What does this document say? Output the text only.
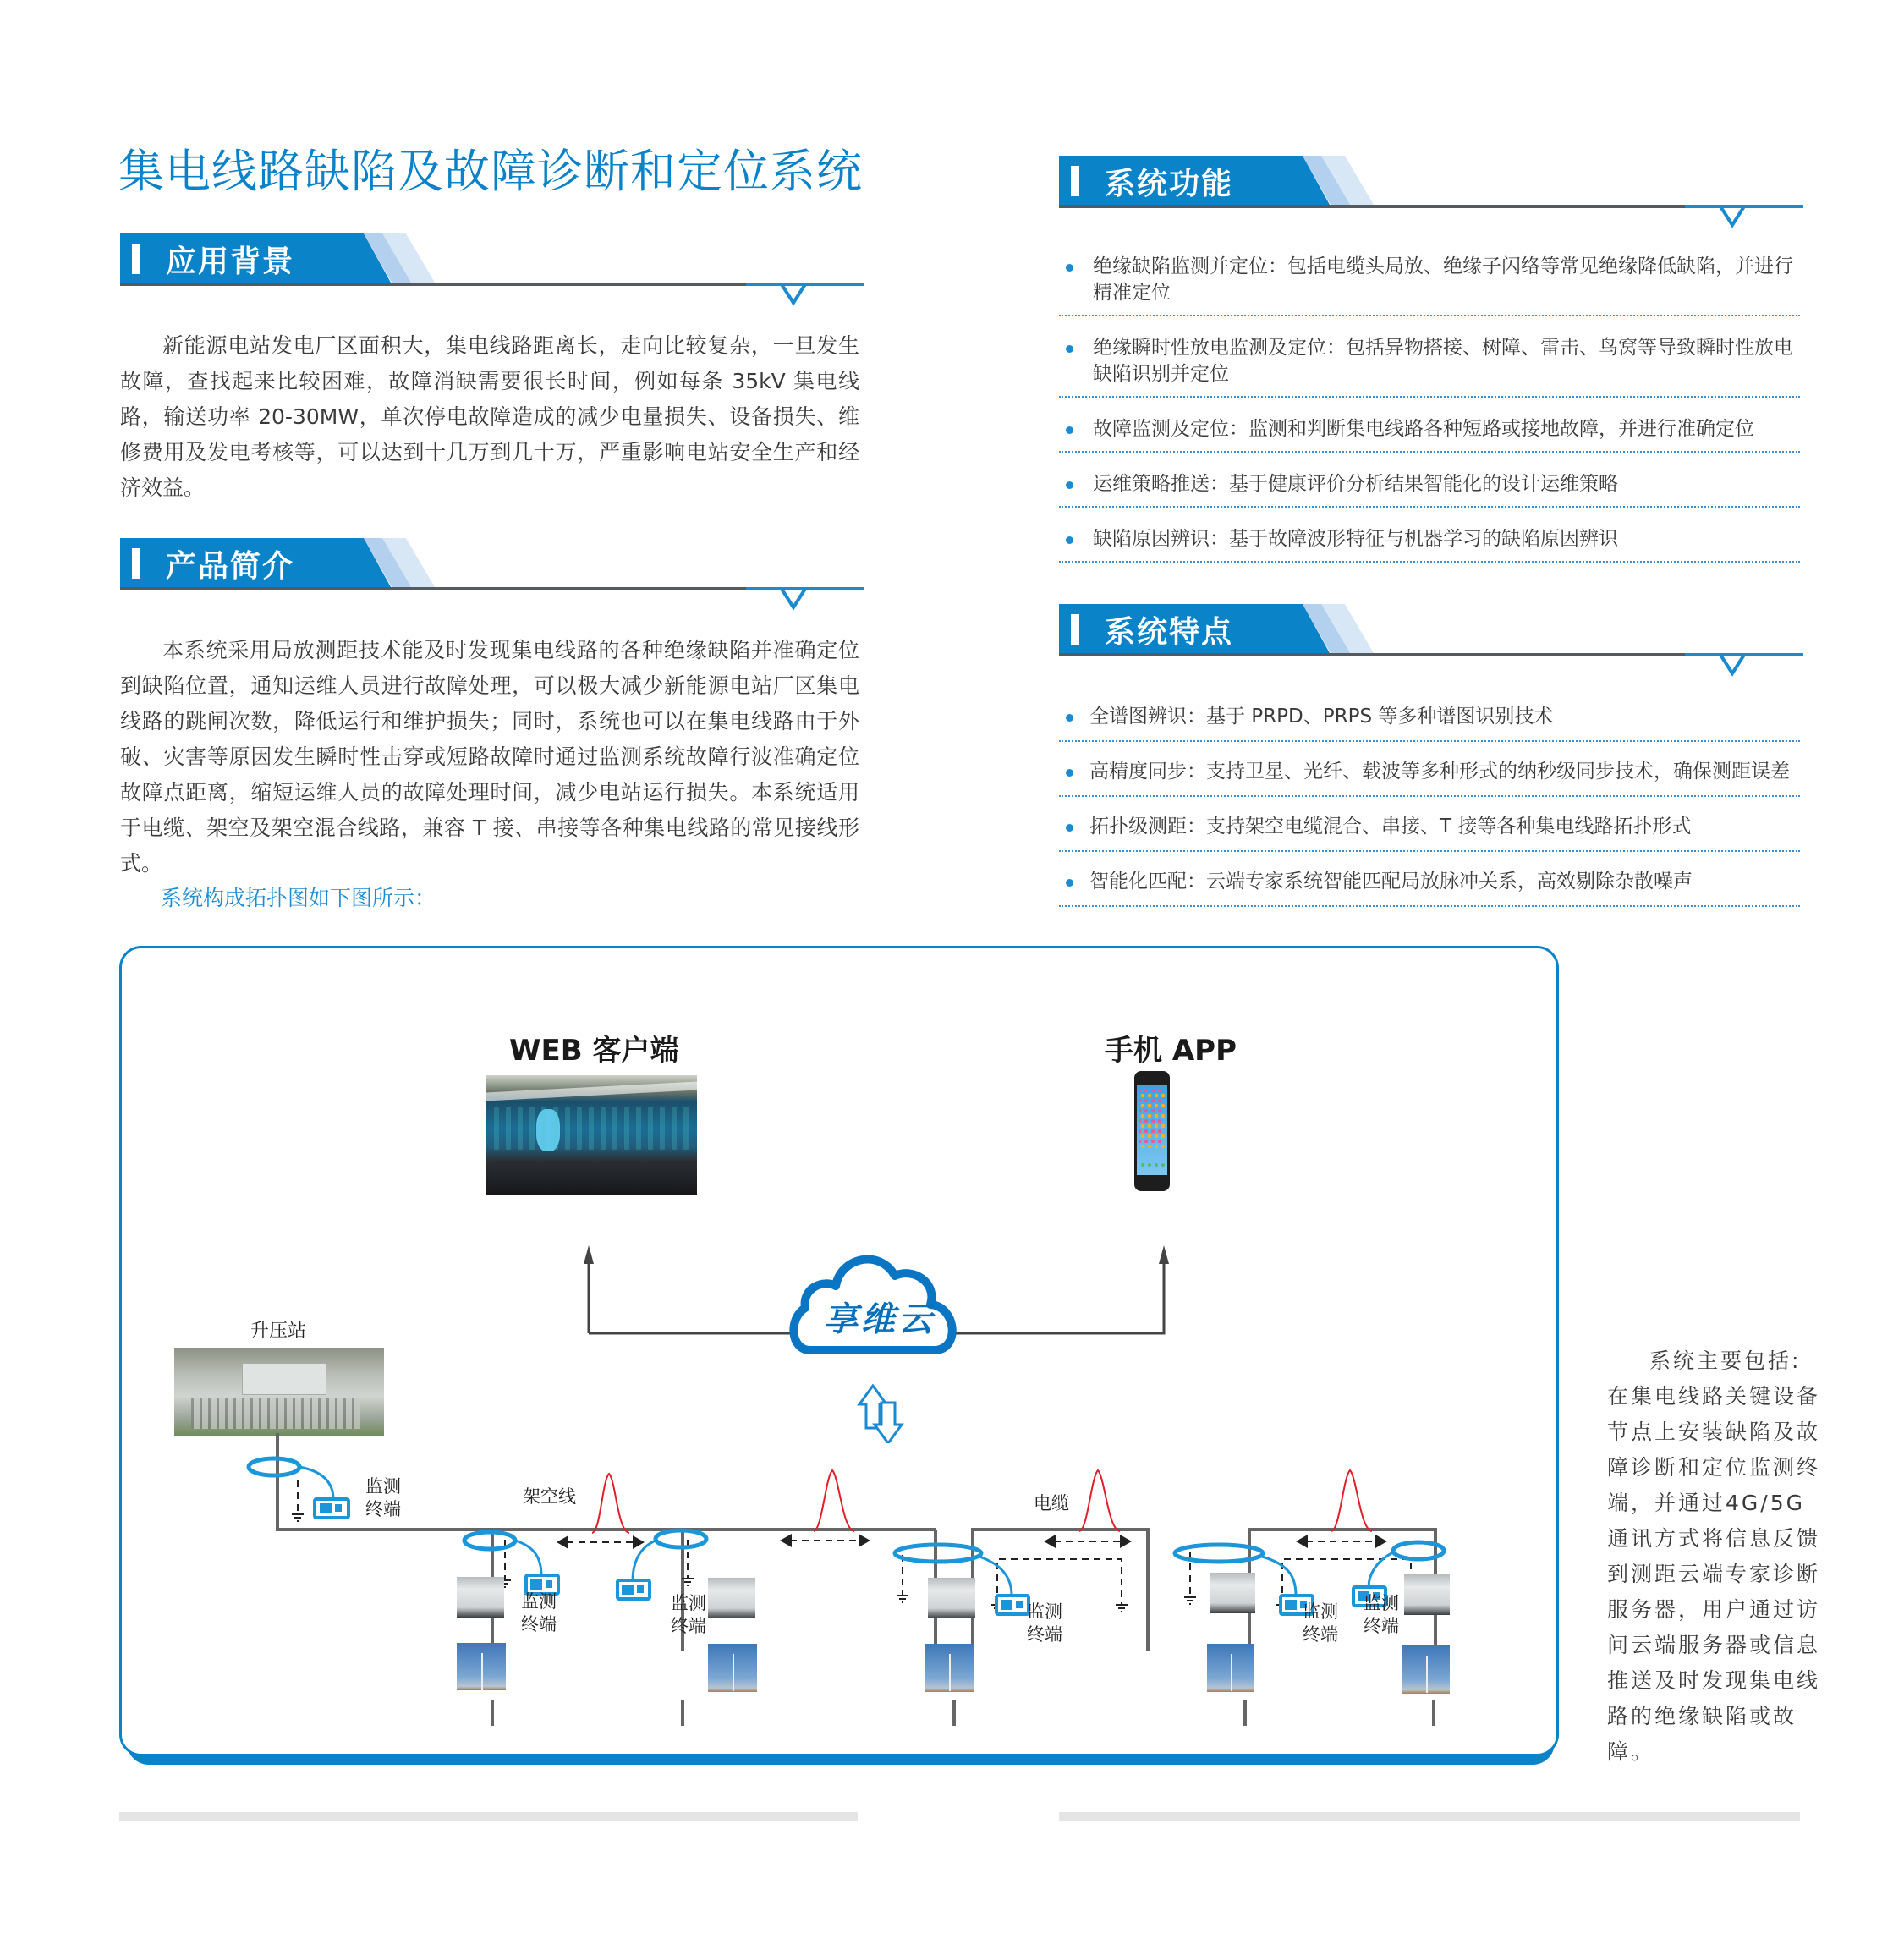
集电线路缺陷及故障诊断和定位系统
应用背景

新能源电站发电厂区面积大，集电线路距离长，走向比较复杂，一旦发生故障，查找起来比较困难，故障消缺需要很长时间，例如每条 35kV 集电线路，输送功率 20-30MW，单次停电故障造成的减少电量损失、设备损失、维修费用及发电考核等，可以达到十几万到几十万，严重影响电站安全生产和经济效益。

产品简介

本系统采用局放测距技术能及时发现集电线路的各种绝缘缺陷并准确定位到缺陷位置，通知运维人员进行故障处理，可以极大减少新能源电站厂区集电线路的跳闸次数，降低运行和维护损失；同时，系统也可以在集电线路由于外破、灾害等原因发生瞬时性击穿或短路故障时通过监测系统故障行波准确定位故障点距离，缩短运维人员的故障处理时间，减少电站运行损失。本系统适用于电缆、架空及架空混合线路，兼容 T 接、串接等各种集电线路的常见接线形式。

系统构成拓扑图如下图所示：
系统功能
绝缘缺陷监测并定位：包括电缆头局放、绝缘子闪络等常见绝缘降低缺陷，并进行精准定位
绝缘瞬时性放电监测及定位：包括异物搭接、树障、雷击、鸟窝等导致瞬时性放电缺陷识别并定位
故障监测及定位：监测和判断集电线路各种短路或接地故障，并进行准确定位
运维策略推送：基于健康评价分析结果智能化的设计运维策略
缺陷原因辨识：基于故障波形特征与机器学习的缺陷原因辨识
系统特点
全谱图辨识：基于 PRPD、PRPS 等多种谱图识别技术
高精度同步：支持卫星、光纤、载波等多种形式的纳秒级同步技术，确保测距误差
拓扑级测距：支持架空电缆混合、串接、T 接等各种集电线路拓扑形式
智能化匹配：云端专家系统智能匹配局放脉冲关系，高效剔除杂散噪声
WEB 客户端	手机 APP
享维云
升压站
监测
终端
架空线	电缆
监测
终端
监测
终端
监测
终端
监测
终端
监测
终端
系统主要包括:
在集电线路关键设备节点上安装缺陷及故障诊断和定位监测终端，并通过4G/5G 通讯方式将信息反馈到测距云端专家诊断服务器，用户通过访问云端服务器或信息推送及时发现集电线路的绝缘缺陷或故障。
